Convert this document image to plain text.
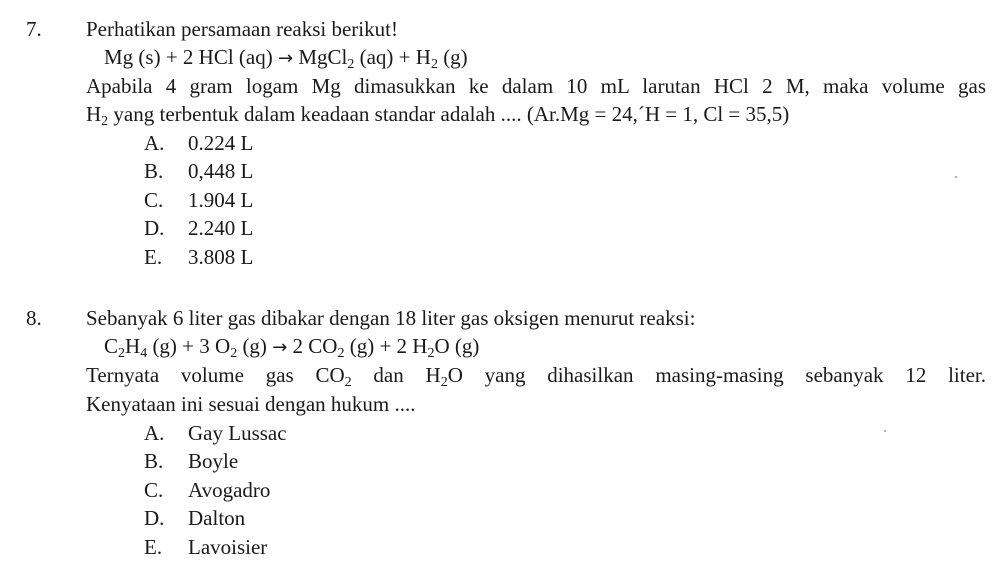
7. Perhatikan persamaan reaksi berikut!
Mg (s) + 2 HCl (aq) → MgCl$_2$ $(aq) + H_2$ (g)
Apabila 4 gram logam Mg dimasukkan ke dalam 10 mL larutan HCl 2 M, maka volume gas
$H_2$ yang terbentuk dalam keadaan standar adalah .... (Ar.Mg = 24,´H = 1, Cl = 35,5)
A. 0.224 L
B. 0,448 L
C. 1.904 L
D. 2.240 L
E. 3.808 L
8. Sebanyak 6 liter gas dibakar dengan 18 liter gas oksigen menurut reaksi:
$C_2H_4$ (g) + 3 $O_2$ (g) → 2 $CO_2$ (g) + 2 $H_2O$ (g)
Ternyata volume gas $CO_2$ dan $H_2O$ yang dihasilkan masing-masing sebanyak 12 liter.
Kenyataan ini sesuai dengan hukum ....
A. Gay Lussac
B. Boyle
C. Avogadro
D. Dalton
E. Lavoisier
